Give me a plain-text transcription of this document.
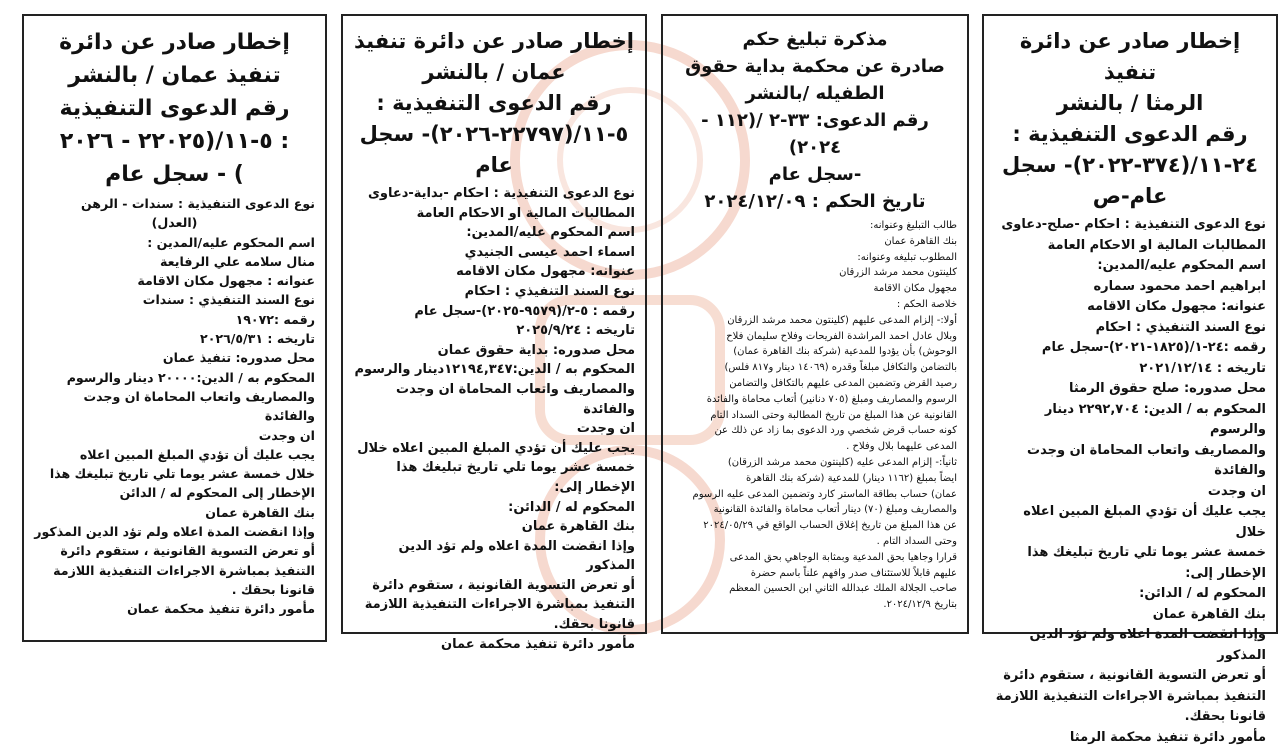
إخطار صادر عن دائرة تنفيذ
الرمثا / بالنشر
رقم الدعوى التنفيذية :
٢٤-١١/(٣٧٤-٢٠٢٢)- سجل
عام-ص
نوع الدعوى التنفيذية : احكام -صلح-دعاوى
المطالبات المالية او الاحكام العامة
اسم المحكوم عليه/المدين:
ابراهيم احمد محمود سماره
عنوانه: مجهول مكان الاقامه
نوع السند التنفيذي : احكام
رقمه :٢٤-١/(١٨٢٥-٢٠٢١)-سجل عام
تاريخه : ٢٠٢١/١٢/١٤
محل صدوره: صلح حقوق الرمثا
المحكوم به / الدين: ٢٢٩٢,٧٠٤ دينار والرسوم
والمصاريف واتعاب المحاماة ان وجدت والفائدة
ان وجدت
يجب عليك أن تؤدي المبلغ المبين اعلاه خلال
خمسة عشر يوما تلي تاريخ تبليغك هذا
الإخطار إلى:
المحكوم له / الدائن:
بنك القاهرة عمان
وإذا انقضت المدة اعلاه ولم تؤد الدين المذكور
أو تعرض التسوية القانونية ، ستقوم دائرة
التنفيذ بمباشرة الاجراءات التنفيذية اللازمة
قانونا بحقك.
مأمور دائرة تنفيذ محكمة الرمثا
مذكرة تبليغ حكم
صادرة عن محكمة بداية حقوق
الطفيله /بالنشر
رقم الدعوى: ٣٣-٢ /(١١٢ - ٢٠٢٤)
-سجل عام
تاريخ الحكم : ٢٠٢٤/١٢/٠٩
طالب التبليغ وعنوانه:
بنك القاهرة عمان
المطلوب تبليغه وعنوانه:
كلينتون محمد مرشد الزرقان
مجهول مكان الاقامة
خلاصة الحكم :
أولا:- إلزام المدعى عليهم (كلينتون محمد مرشد الزرقان
وبلال عادل احمد المراشدة الفريحات وفلاح سليمان فلاح
الوحوش) بأن يؤدوا للمدعية (شركة بنك القاهرة عمان)
بالتضامن والتكافل مبلغاً وقدره (١٤٠٦٩ دينار و٨١٧ فلس)
رصيد القرض وتضمين المدعى عليهم بالتكافل والتضامن
الرسوم والمصاريف ومبلغ (٧٠٥ دنانير) أتعاب محاماة والفائدة
القانونية عن هذا المبلغ من تاريخ المطالبة وحتى السداد التام
كونه حساب قرض شخصي ورد الدعوى بما زاد عن ذلك عن
المدعى عليهما بلال وفلاح .
ثانياً:- إلزام المدعى عليه (كلينتون محمد مرشد الزرقان)
ايضاً بمبلغ (١١٦٢ دينار) للمدعية (شركة بنك القاهرة
عمان) حساب بطاقة الماستر كارد وتضمين المدعى عليه الرسوم
والمصاريف ومبلغ (٧٠) دينار أتعاب محاماة والفائدة القانونية
عن هذا المبلغ من تاريخ إغلاق الحساب الواقع في ٢٠٢٤/٠٥/٢٩
وحتى السداد التام .
قرارا وجاهيا بحق المدعية وبمثابة الوجاهي بحق المدعى
عليهم قابلاً للاستئناف صدر وافهم علناً باسم حضرة
صاحب الجلالة الملك عبدالله الثاني ابن الحسين المعظم
بتاريخ ٢٠٢٤/١٢/٩.
إخطار صادر عن دائرة تنفيذ
عمان / بالنشر
رقم الدعوى التنفيذية :
٥-١١/(٢٢٧٩٧-٢٠٢٦)- سجل
عام
نوع الدعوى التنفيذية : احكام -بداية-دعاوى
المطالبات المالية او الاحكام العامة
اسم المحكوم عليه/المدين:
اسماء احمد عيسى الجنيدي
عنوانه: مجهول مكان الاقامه
نوع السند التنفيذي : احكام
رقمه : ٥-٢/(٩٥٧٩-٢٠٢٥)-سجل عام
تاريخه : ٢٠٢٥/٩/٢٤
محل صدوره: بداية حقوق عمان
المحكوم به / الدين:١٢١٩٤,٣٤٧دينار والرسوم
والمصاريف واتعاب المحاماة ان وجدت والفائدة
ان وجدت
يجب عليك أن تؤدي المبلغ المبين اعلاه خلال
خمسة عشر يوما تلي تاريخ تبليغك هذا
الإخطار إلى:
المحكوم له / الدائن:
بنك القاهرة عمان
وإذا انقضت المدة اعلاه ولم تؤد الدين المذكور
أو تعرض التسوية القانونية ، ستقوم دائرة
التنفيذ بمباشرة الاجراءات التنفيذية اللازمة
قانونا بحقك.
مأمور دائرة تنفيذ محكمة عمان
إخطار صادر عن دائرة
تنفيذ عمان / بالنشر
رقم الدعوى التنفيذية
: ٥-١١/(٢٢٠٢٥ - ٢٠٢٦
) - سجل عام
نوع الدعوى التنفيذية : سندات - الرهن
(العدل)
اسم المحكوم عليه/المدين :
منال سلامه علي الرفايعة
عنوانه : مجهول مكان الاقامة
نوع السند التنفيذي : سندات
رقمه :١٩٠٧٢
تاريخه : ٢٠٢٦/٥/٣١
محل صدوره: تنفيذ عمان
المحكوم به / الدين:٢٠٠٠٠ دينار والرسوم
والمصاريف واتعاب المحاماة ان وجدت والفائدة
ان وجدت
يجب عليك أن تؤدي المبلغ المبين اعلاه
خلال خمسة عشر يوما تلي تاريخ تبليغك هذا
الإخطار إلى المحكوم له / الدائن
بنك القاهرة عمان
وإذا انقضت المدة اعلاه ولم تؤد الدين المذكور
أو تعرض التسوية القانونية ، ستقوم دائرة
التنفيذ بمباشرة الاجراءات التنفيذية اللازمة
قانونا بحقك .
مأمور دائرة تنفيذ محكمة عمان
